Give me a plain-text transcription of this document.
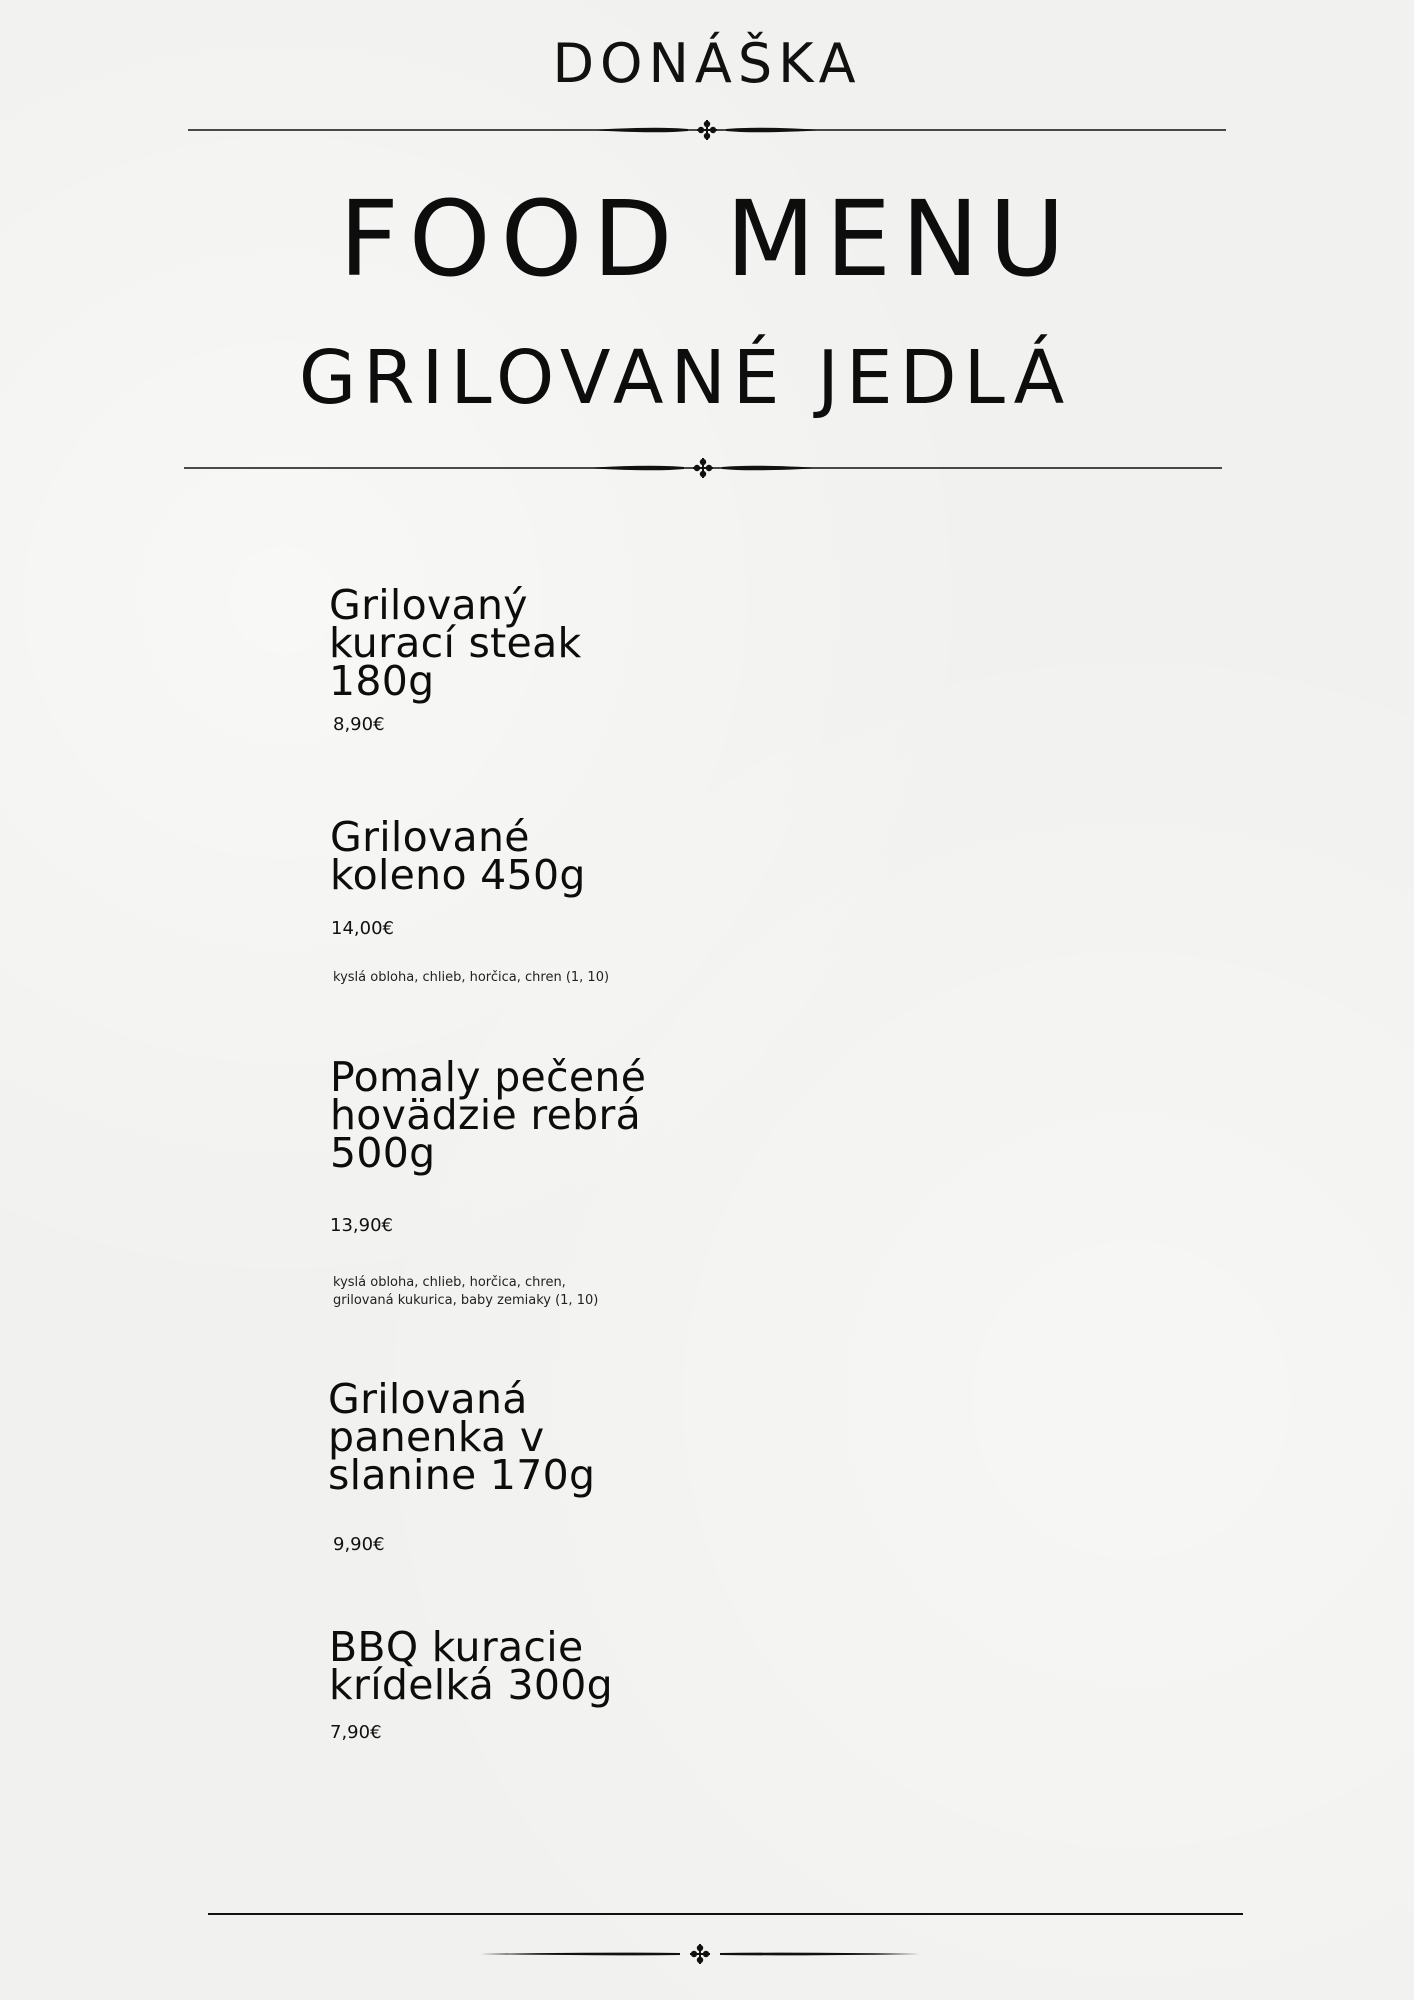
DONÁŠKA
FOOD MENU
GRILOVANÉ JEDLÁ
Grilovaný
kurací steak
180g
8,90€
Grilované
koleno 450g
14,00€
kyslá obloha, chlieb, horčica, chren (1, 10)
Pomaly pečené
hovädzie rebrá
500g
13,90€
kyslá obloha, chlieb, horčica, chren,
grilovaná kukurica, baby zemiaky (1, 10)
Grilovaná
panenka v
slanine 170g
9,90€
BBQ kuracie
krídelká 300g
7,90€
